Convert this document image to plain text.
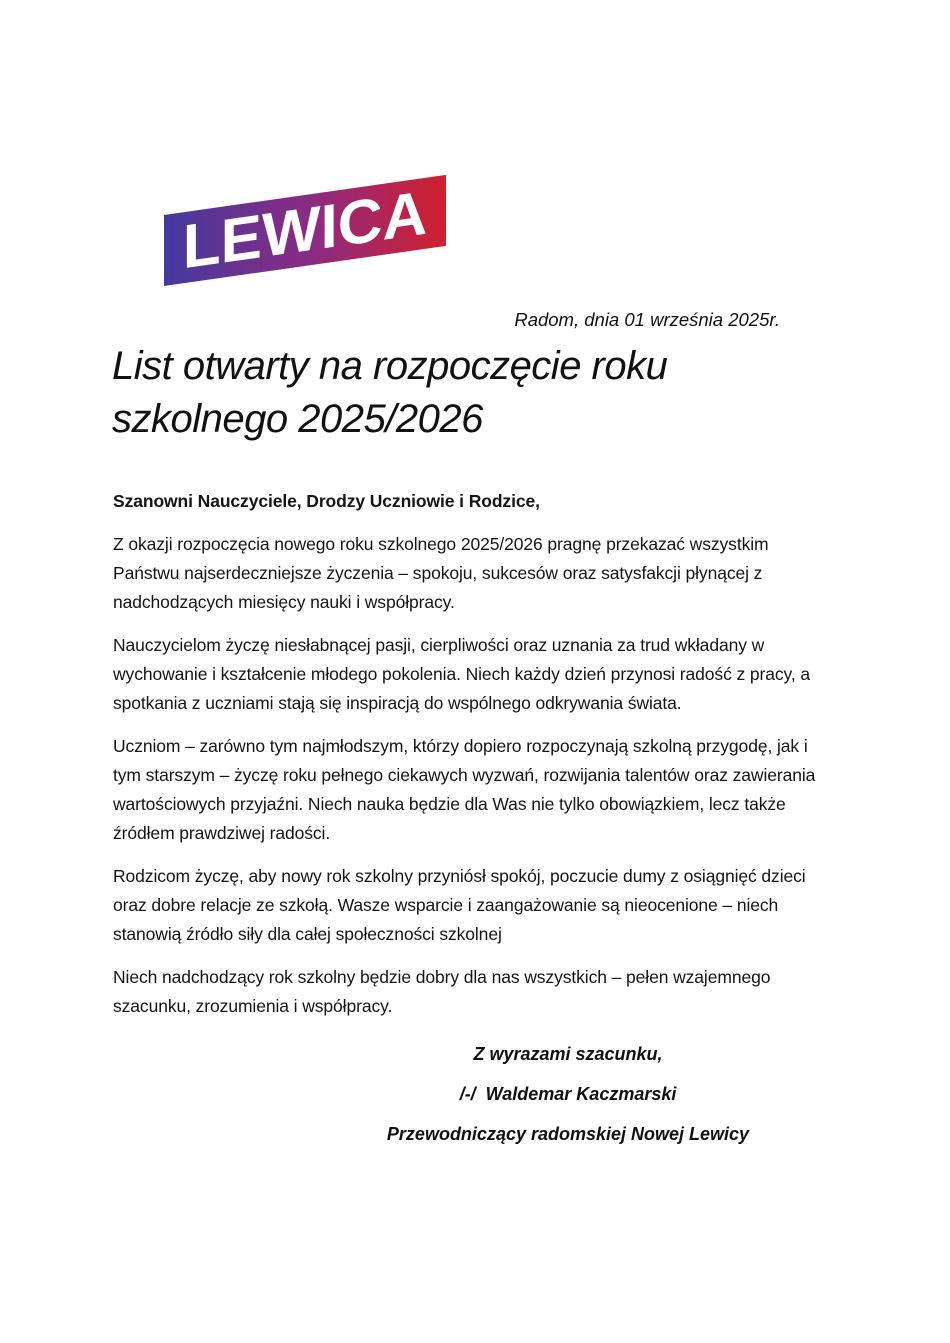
LEWICA
Radom, dnia 01 września 2025r.
List otwarty na rozpoczęcie roku szkolnego 2025/2026

Szanowni Nauczyciele, Drodzy Uczniowie i Rodzice,

Z okazji rozpoczęcia nowego roku szkolnego 2025/2026 pragnę przekazać wszystkim Państwu najserdeczniejsze życzenia – spokoju, sukcesów oraz satysfakcji płynącej z nadchodzących miesięcy nauki i współpracy.

Nauczycielom życzę niesłabnącej pasji, cierpliwości oraz uznania za trud wkładany w wychowanie i kształcenie młodego pokolenia. Niech każdy dzień przynosi radość z pracy, a spotkania z uczniami stają się inspiracją do wspólnego odkrywania świata.

Uczniom – zarówno tym najmłodszym, którzy dopiero rozpoczynają szkolną przygodę, jak i tym starszym – życzę roku pełnego ciekawych wyzwań, rozwijania talentów oraz zawierania wartościowych przyjaźni. Niech nauka będzie dla Was nie tylko obowiązkiem, lecz także źródłem prawdziwej radości.

Rodzicom życzę, aby nowy rok szkolny przyniósł spokój, poczucie dumy z osiągnięć dzieci oraz dobre relacje ze szkołą. Wasze wsparcie i zaangażowanie są nieocenione – niech stanowią źródło siły dla całej społeczności szkolnej

Niech nadchodzący rok szkolny będzie dobry dla nas wszystkich – pełen wzajemnego szacunku, zrozumienia i współpracy.

Z wyrazami szacunku,
/-/  Waldemar Kaczmarski
Przewodniczący radomskiej Nowej Lewicy
